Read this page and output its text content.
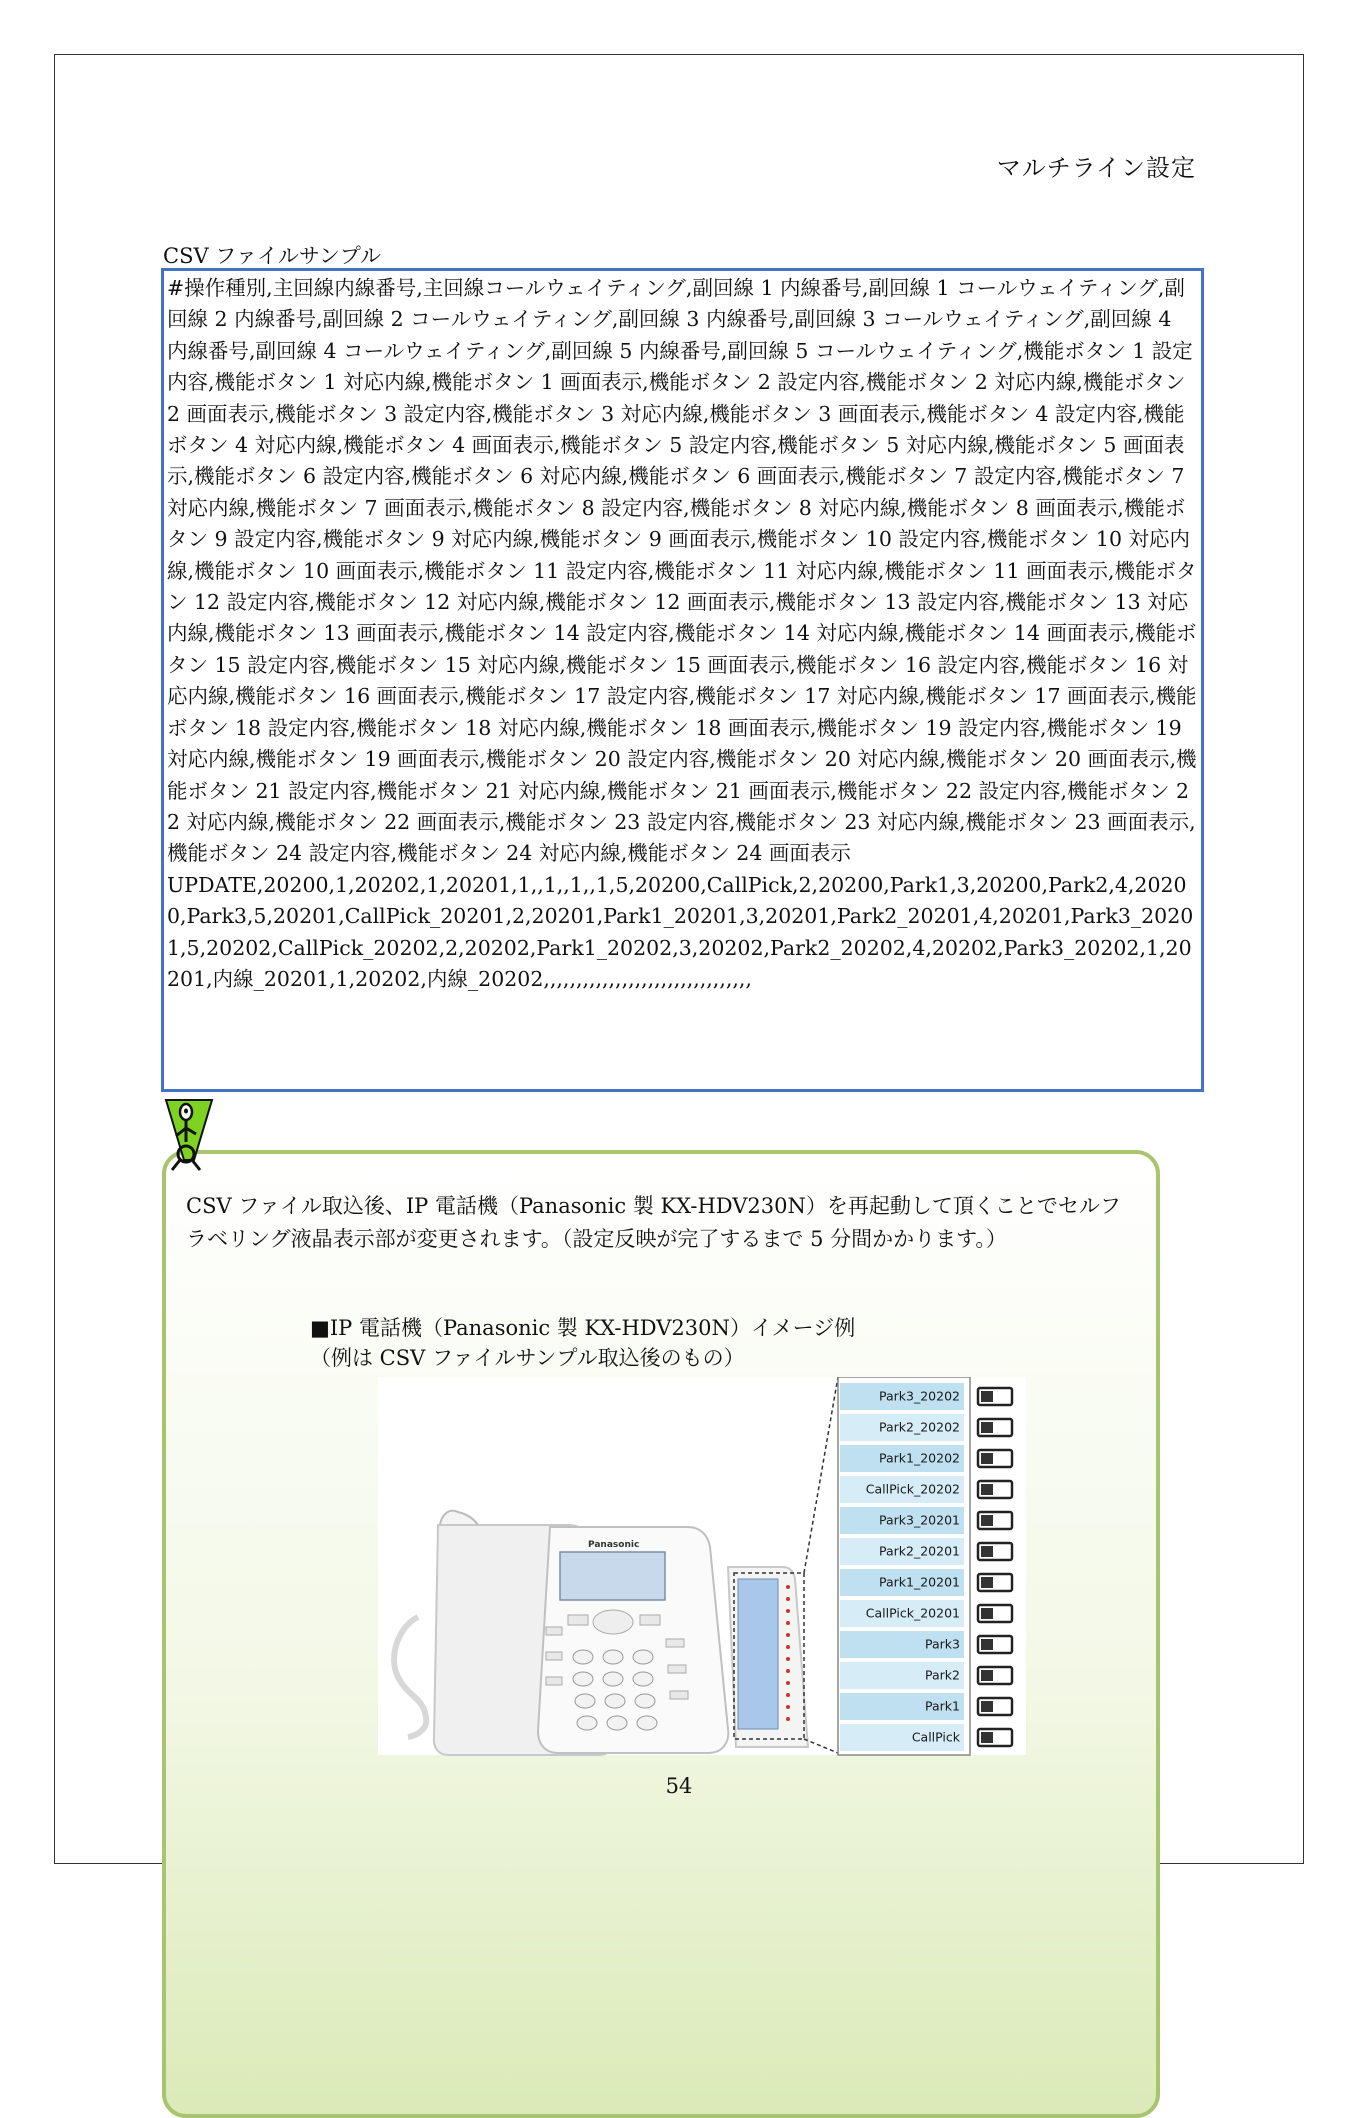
マルチライン設定
CSV ファイルサンプル

#操作種別,主回線内線番号,主回線コールウェイティング,副回線 1 内線番号,副回線 1 コールウェイティング,副回線 2 内線番号,副回線 2 コールウェイティング,副回線 3 内線番号,副回線 3 コールウェイティング,副回線 4 内線番号,副回線 4 コールウェイティング,副回線 5 内線番号,副回線 5 コールウェイティング,機能ボタン 1 設定内容,機能ボタン 1 対応内線,機能ボタン 1 画面表示,機能ボタン 2 設定内容,機能ボタン 2 対応内線,機能ボタン 2 画面表示,機能ボタン 3 設定内容,機能ボタン 3 対応内線,機能ボタン 3 画面表示,機能ボタン 4 設定内容,機能ボタン 4 対応内線,機能ボタン 4 画面表示,機能ボタン 5 設定内容,機能ボタン 5 対応内線,機能ボタン 5 画面表示,機能ボタン 6 設定内容,機能ボタン 6 対応内線,機能ボタン 6 画面表示,機能ボタン 7 設定内容,機能ボタン 7 対応内線,機能ボタン 7 画面表示,機能ボタン 8 設定内容,機能ボタン 8 対応内線,機能ボタン 8 画面表示,機能ボタン 9 設定内容,機能ボタン 9 対応内線,機能ボタン 9 画面表示,機能ボタン 10 設定内容,機能ボタン 10 対応内線,機能ボタン 10 画面表示,機能ボタン 11 設定内容,機能ボタン 11 対応内線,機能ボタン 11 画面表示,機能ボタン 12 設定内容,機能ボタン 12 対応内線,機能ボタン 12 画面表示,機能ボタン 13 設定内容,機能ボタン 13 対応内線,機能ボタン 13 画面表示,機能ボタン 14 設定内容,機能ボタン 14 対応内線,機能ボタン 14 画面表示,機能ボタン 15 設定内容,機能ボタン 15 対応内線,機能ボタン 15 画面表示,機能ボタン 16 設定内容,機能ボタン 16 対応内線,機能ボタン 16 画面表示,機能ボタン 17 設定内容,機能ボタン 17 対応内線,機能ボタン 17 画面表示,機能ボタン 18 設定内容,機能ボタン 18 対応内線,機能ボタン 18 画面表示,機能ボタン 19 設定内容,機能ボタン 19 対応内線,機能ボタン 19 画面表示,機能ボタン 20 設定内容,機能ボタン 20 対応内線,機能ボタン 20 画面表示,機能ボタン 21 設定内容,機能ボタン 21 対応内線,機能ボタン 21 画面表示,機能ボタン 22 設定内容,機能ボタン 22 対応内線,機能ボタン 22 画面表示,機能ボタン 23 設定内容,機能ボタン 23 対応内線,機能ボタン 23 画面表示,機能ボタン 24 設定内容,機能ボタン 24 対応内線,機能ボタン 24 画面表示

UPDATE,20200,1,20202,1,20201,1,,1,,1,,1,5,20200,CallPick,2,20200,Park1,3,20200,Park2,4,20200,Park3,5,20201,CallPick_20201,2,20201,Park1_20201,3,20201,Park2_20201,4,20201,Park3_20201,5,20202,CallPick_20202,2,20202,Park1_20202,3,20202,Park2_20202,4,20202,Park3_20202,1,20201,内線_20201,1,20202,内線_20202,,,,,,,,,,,,,,,,,,,,,,,,,,,,,,,,

CSV ファイル取込後、IP 電話機（Panasonic 製 KX-HDV230N）を再起動して頂くことでセルフラベリング液晶表示部が変更されます。（設定反映が完了するまで 5 分間かかります。）

■IP 電話機（Panasonic 製 KX-HDV230N）イメージ例

（例は CSV ファイルサンプル取込後のもの）

Panasonic
Park3_20202
Park2_20202
Park1_20202
CallPick_20202
Park3_20201
Park2_20201
Park1_20201
CallPick_20201
Park3
Park2
Park1
CallPick
54
